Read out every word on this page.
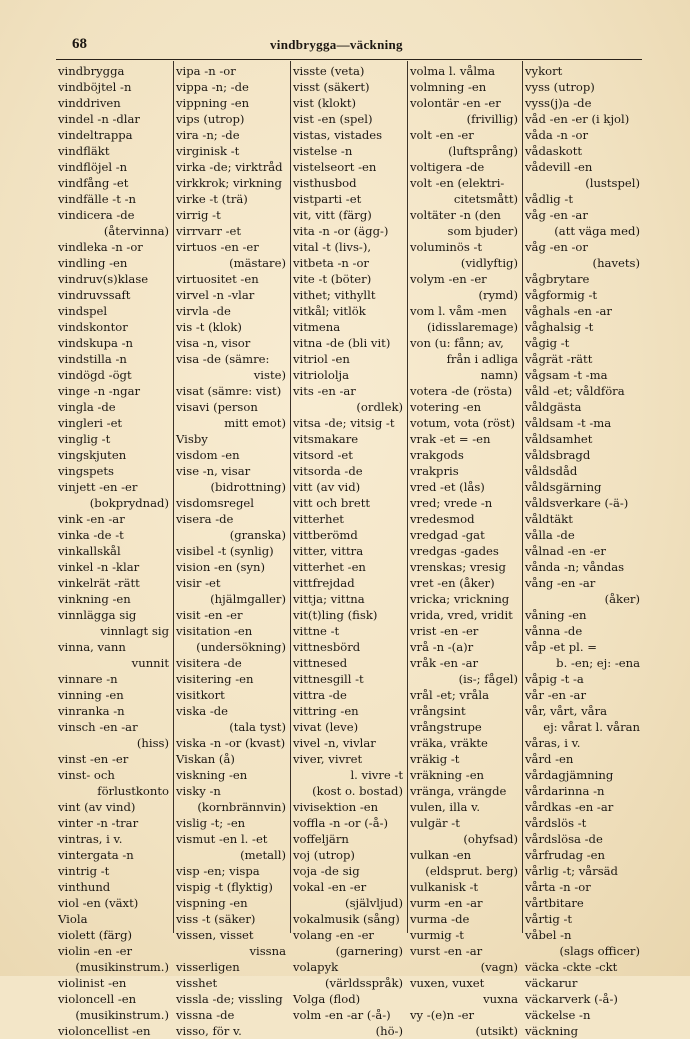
68	vindbrygga—väckning
vindbrygga
vindböjtel -n
vinddriven
vindel -n -dlar
vindeltrappa
vindfläkt
vindflöjel -n
vindfång -et
vindfälle -t -n
vindicera -de
(återvinna)
vindleka -n -or
vindling -en
vindruv(s)klase
vindruvssaft
vindspel
vindskontor
vindskupa -n
vindstilla -n
vindögd -ögt
vinge -n -ngar
vingla -de
vingleri -et
vinglig -t
vingskjuten
vingspets
vinjett -en -er
(bokprydnad)
vink -en -ar
vinka -de -t
vinkallskål
vinkel -n -klar
vinkelrät -rätt
vinkning -en
vinnlägga sig
vinnlagt sig
vinna, vann
vunnit
vinnare -n
vinning -en
vinranka -n
vinsch -en -ar
(hiss)
vinst -en -er
vinst- och
förlustkonto
vint (av vind)
vinter -n -trar
vintras, i v.
vintergata -n
vintrig -t
vinthund
viol -en (växt)
Viola
violett (färg)
violin -en -er
(musikinstrum.)
violinist -en
violoncell -en
(musikinstrum.)
violoncellist -en
vipa -n -or
vippa -n; -de
vippning -en
vips (utrop)
vira -n; -de
virginisk -t
virka -de; virktråd
virkkrok; virkning
virke -t (trä)
virrig -t
virrvarr -et
virtuos -en -er
(mästare)
virtuositet -en
virvel -n -vlar
virvla -de
vis -t (klok)
visa -n, visor
visa -de (sämre:
viste)
visat (sämre: vist)
visavi (person
mitt emot)
Visby
visdom -en
vise -n, visar
(bidrottning)
visdomsregel
visera -de
(granska)
visibel -t (synlig)
vision -en (syn)
visir -et
(hjälmgaller)
visit -en -er
visitation -en
(undersökning)
visitera -de
visitering -en
visitkort
viska -de
(tala tyst)
viska -n -or (kvast)
Viskan (å)
viskning -en
visky -n
(kornbrännvin)
vislig -t; -en
vismut -en l. -et
(metall)
visp -en; vispa
vispig -t (flyktig)
vispning -en
viss -t (säker)
vissen, visset
vissna
visserligen
visshet
vissla -de; vissling
vissna -de
visso, för v.
visste (veta)
visst (säkert)
vist (klokt)
vist -en (spel)
vistas, vistades
vistelse -n
vistelseort -en
visthusbod
vistparti -et
vit, vitt (färg)
vita -n -or (ägg-)
vital -t (livs-),
vitbeta -n -or
vite -t (böter)
vithet; vithyllt
vitkål; vitlök
vitmena
vitna -de (bli vit)
vitriol -en
vitriololja
vits -en -ar
(ordlek)
vitsa -de; vitsig -t
vitsmakare
vitsord -et
vitsorda -de
vitt (av vid)
vitt och brett
vitterhet
vittberömd
vitter, vittra
vitterhet -en
vittfrejdad
vittja; vittna
vit(t)ling (fisk)
vittne -t
vittnesbörd
vittnesed
vittnesgill -t
vittra -de
vittring -en
vivat (leve)
vivel -n, vivlar
viver, vivret
l. vivre -t
(kost o. bostad)
vivisektion -en
voffla -n -or (-å-)
voffeljärn
voj (utrop)
voja -de sig
vokal -en -er
(självljud)
vokalmusik (sång)
volang -en -er
(garnering)
volapyk
(världsspråk)
Volga (flod)
volm -en -ar (-å-)
(hö-)
volma l. vålma
volmning -en
volontär -en -er
(frivillig)
volt -en -er
(luftsprång)
voltigera -de
volt -en (elektri-
citetsmått)
voltäter -n (den
som bjuder)
voluminös -t
(vidlyftig)
volym -en -er
(rymd)
vom l. våm -men
(idisslaremage)
von (u: fånn; av,
från i adliga
namn)
votera -de (rösta)
votering -en
votum, vota (röst)
vrak -et = -en
vrakgods
vrakpris
vred -et (lås)
vred; vrede -n
vredesmod
vredgad -gat
vredgas -gades
vrenskas; vresig
vret -en (åker)
vricka; vrickning
vrida, vred, vridit
vrist -en -er
vrå -n -(a)r
vråk -en -ar
(is-; fågel)
vrål -et; vråla
vrångsint
vrångstrupe
vräka, vräkte
vräkig -t
vräkning -en
vränga, vrängde
vulen, illa v.
vulgär -t
(ohyfsad)
vulkan -en
(eldsprut. berg)
vulkanisk -t
vurm -en -ar
vurma -de
vurmig -t
vurst -en -ar
(vagn)
vuxen, vuxet
vuxna
vy -(e)n -er
(utsikt)
vykort
vyss (utrop)
vyss(j)a -de
våd -en -er (i kjol)
våda -n -or
vådaskott
vådevill -en
(lustspel)
vådlig -t
våg -en -ar
(att väga med)
våg -en -or
(havets)
vågbrytare
vågformig -t
våghals -en -ar
våghalsig -t
vågig -t
vågrät -rätt
vågsam -t -ma
våld -et; våldföra
våldgästa
våldsam -t -ma
våldsamhet
våldsbragd
våldsdåd
våldsgärning
våldsverkare (-ä-)
våldtäkt
vålla -de
vålnad -en -er
vånda -n; våndas
vång -en -ar
(åker)
våning -en
vånna -de
våp -et pl. =
b. -en; ej: -ena
våpig -t -a
vår -en -ar
vår, vårt, våra
ej: vårat l. våran
våras, i v.
vård -en
vårdagjämning
vårdarinna -n
vårdkas -en -ar
vårdslös -t
vårdslösa -de
vårfrudag -en
vårlig -t; vårsäd
vårta -n -or
vårtbitare
vårtig -t
våbel -n
(slags officer)
väcka -ckte -ckt
väckarur
väckarverk (-å-)
väckelse -n
väckning
